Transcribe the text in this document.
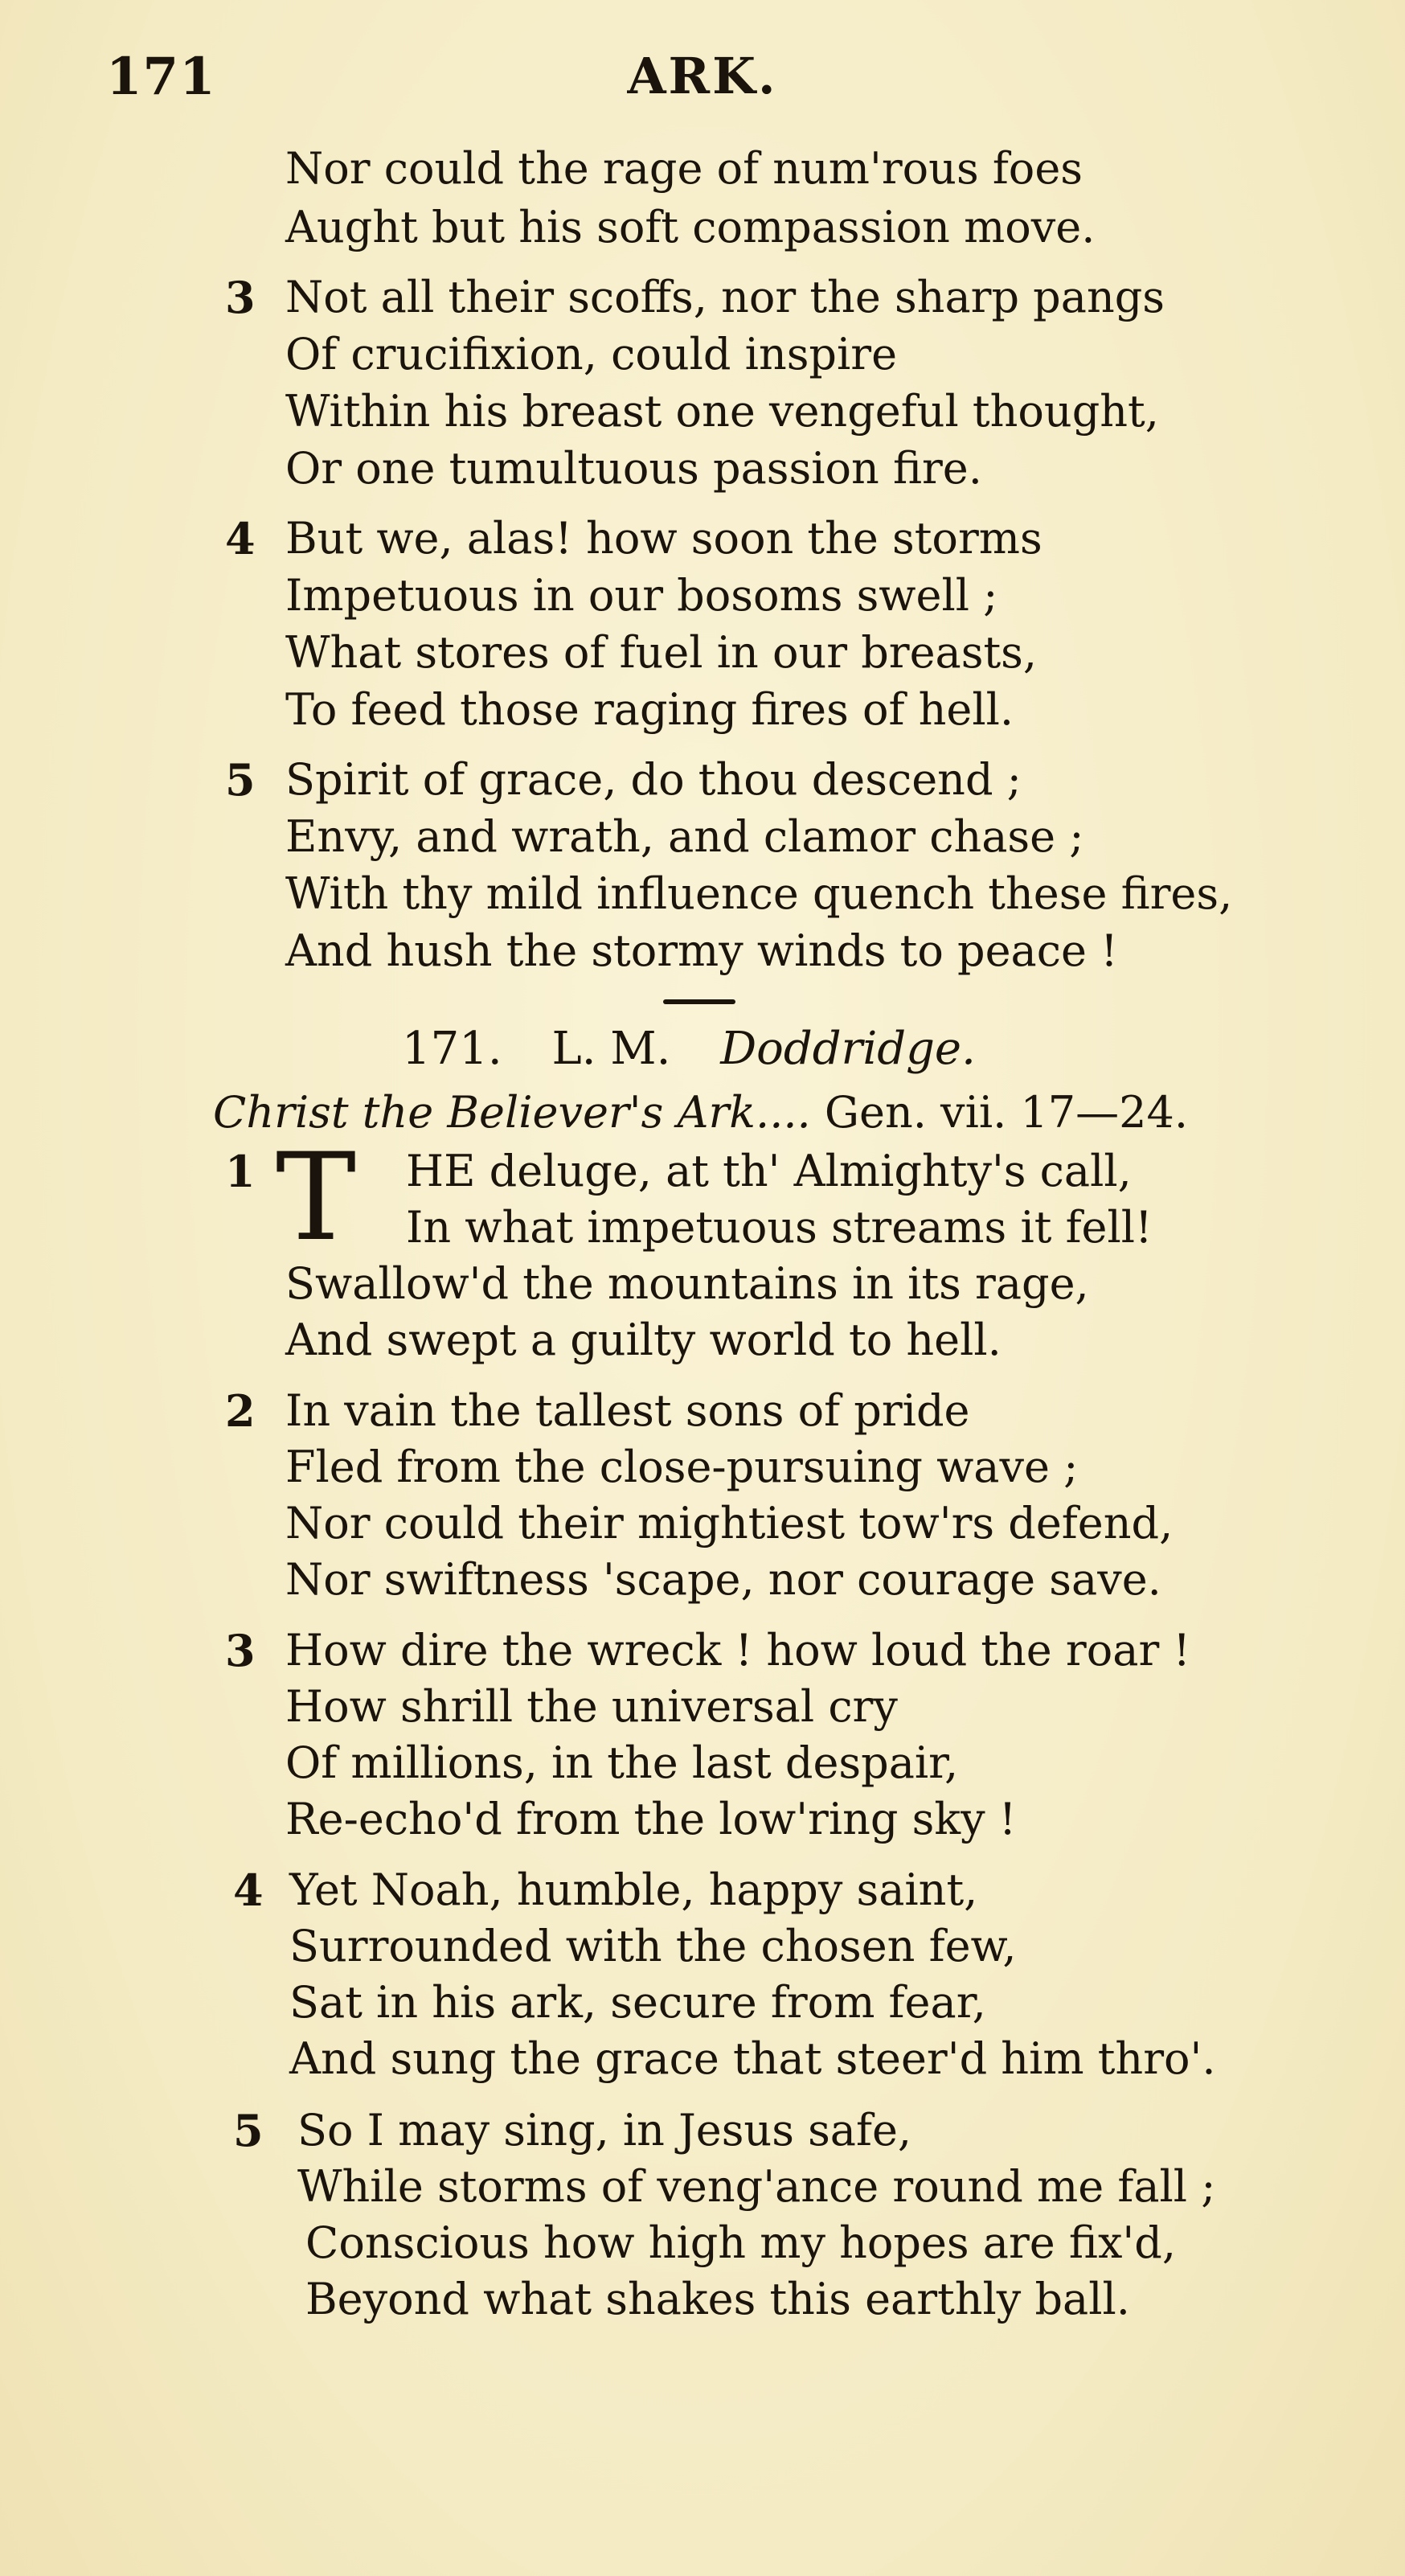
171	ARK.
Nor could the rage of num'rous foes
Aught but his soft compassion move.
3 Not all their scoffs, nor the sharp pangs
Of crucifixion, could inspire
Within his breast one vengeful thought,
Or one tumultuous passion fire.
4 But we, alas! how soon the storms
Impetuous in our bosoms swell ;
What stores of fuel in our breasts,
To feed those raging fires of hell.
5 Spirit of grace, do thou descend ;
Envy, and wrath, and clamor chase ;
With thy mild influence quench these fires,
And hush the stormy winds to peace !
171. L. M. Doddridge.
Christ the Believer's Ark.... Gen. vii. 17—24.
1 T HE deluge, at th' Almighty's call,
In what impetuous streams it fell!
Swallow'd the mountains in its rage,
And swept a guilty world to hell.
2 In vain the tallest sons of pride
Fled from the close-pursuing wave ;
Nor could their mightiest tow'rs defend,
Nor swiftness 'scape, nor courage save.
3 How dire the wreck ! how loud the roar !
How shrill the universal cry
Of millions, in the last despair,
Re-echo'd from the low'ring sky !
4 Yet Noah, humble, happy saint,
Surrounded with the chosen few,
Sat in his ark, secure from fear,
And sung the grace that steer'd him thro'.
5 So I may sing, in Jesus safe,
While storms of veng'ance round me fall ;
Conscious how high my hopes are fix'd,
Beyond what shakes this earthly ball.
